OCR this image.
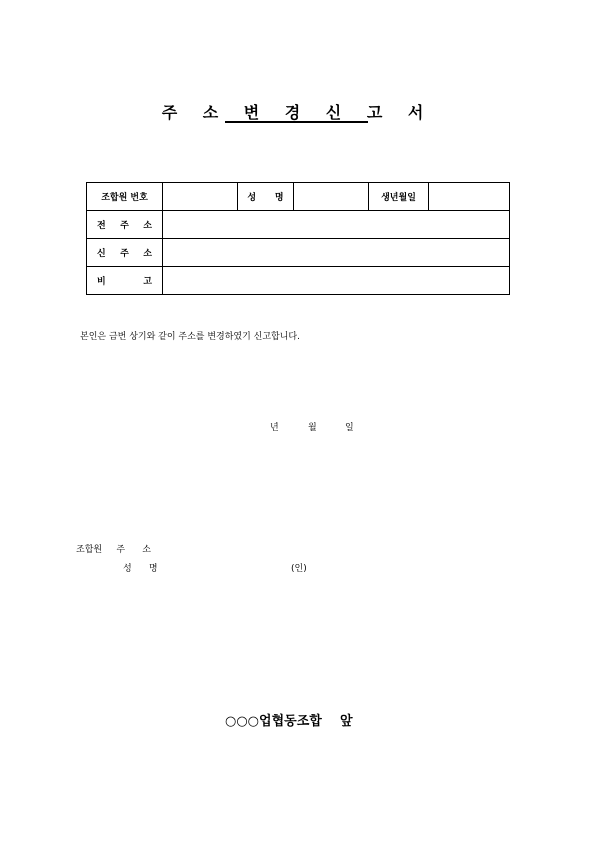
주 소 변 경 신 고 서
조합원 번호		성 명		생년월일	

전 주 소					

신 주 소					

비 고					

본인은 금번 상기와 같이 주소를 변경하였기 신고합니다.
년	월	일
조합원 주 소
성 명	(인)
○○○업협동조합 앞
